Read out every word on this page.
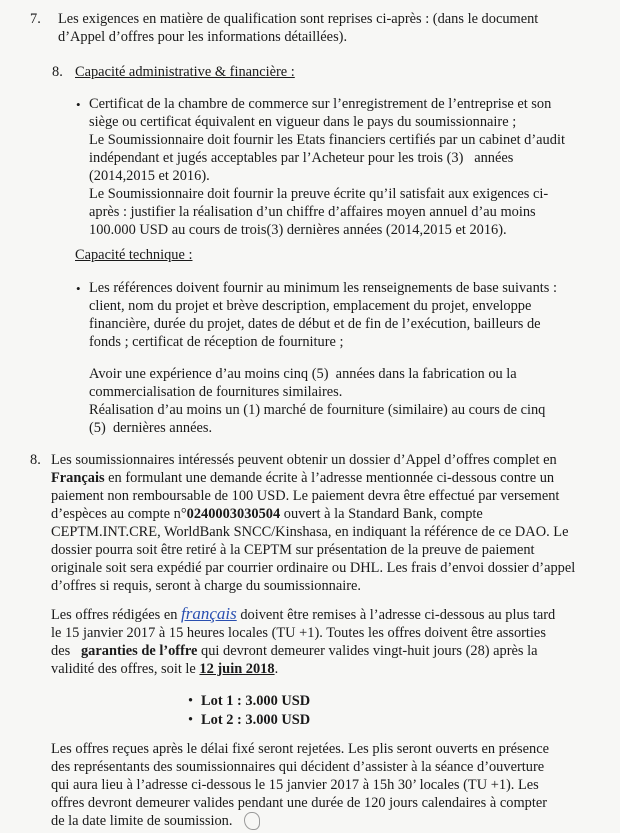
7. Les exigences en matière de qualification sont reprises ci-après : (dans le document
d’Appel d’offres pour les informations détaillées).
8. Capacité administrative & financière :
• Certificat de la chambre de commerce sur l’enregistrement de l’entreprise et son
siège ou certificat équivalent en vigueur dans le pays du soumissionnaire ;
Le Soumissionnaire doit fournir les Etats financiers certifiés par un cabinet d’audit
indépendant et jugés acceptables par l’Acheteur pour les trois (3)   années
(2014,2015 et 2016).
Le Soumissionnaire doit fournir la preuve écrite qu’il satisfait aux exigences ci-
après : justifier la réalisation d’un chiffre d’affaires moyen annuel d’au moins
100.000 USD au cours de trois(3) dernières années (2014,2015 et 2016).
Capacité technique :
• Les références doivent fournir au minimum les renseignements de base suivants :
client, nom du projet et brève description, emplacement du projet, enveloppe
financière, durée du projet, dates de début et de fin de l’exécution, bailleurs de
fonds ; certificat de réception de fourniture ;
Avoir une expérience d’au moins cinq (5)  années dans la fabrication ou la
commercialisation de fournitures similaires.
Réalisation d’au moins un (1) marché de fourniture (similaire) au cours de cinq
(5)  dernières années.
8. Les soumissionnaires intéressés peuvent obtenir un dossier d’Appel d’offres complet en
Français en formulant une demande écrite à l’adresse mentionnée ci-dessous contre un
paiement non remboursable de 100 USD. Le paiement devra être effectué par versement
d’espèces au compte n°0240003030504 ouvert à la Standard Bank, compte
CEPTM.INT.CRE, WorldBank SNCC/Kinshasa, en indiquant la référence de ce DAO. Le
dossier pourra soit être retiré à la CEPTM sur présentation de la preuve de paiement
originale soit sera expédié par courrier ordinaire ou DHL. Les frais d’envoi dossier d’appel
d’offres si requis, seront à charge du soumissionnaire.
Les offres rédigées en français doivent être remises à l’adresse ci-dessous au plus tard
le 15 janvier 2017 à 15 heures locales (TU +1). Toutes les offres doivent être assorties
des   garanties de l’offre qui devront demeurer valides vingt-huit jours (28) après la
validité des offres, soit le 12 juin 2018.
• Lot 1 : 3.000 USD
• Lot 2 : 3.000 USD
Les offres reçues après le délai fixé seront rejetées. Les plis seront ouverts en présence
des représentants des soumissionnaires qui décident d’assister à la séance d’ouverture
qui aura lieu à l’adresse ci-dessous le 15 janvier 2017 à 15h 30’ locales (TU +1). Les
offres devront demeurer valides pendant une durée de 120 jours calendaires à compter
de la date limite de soumission.
